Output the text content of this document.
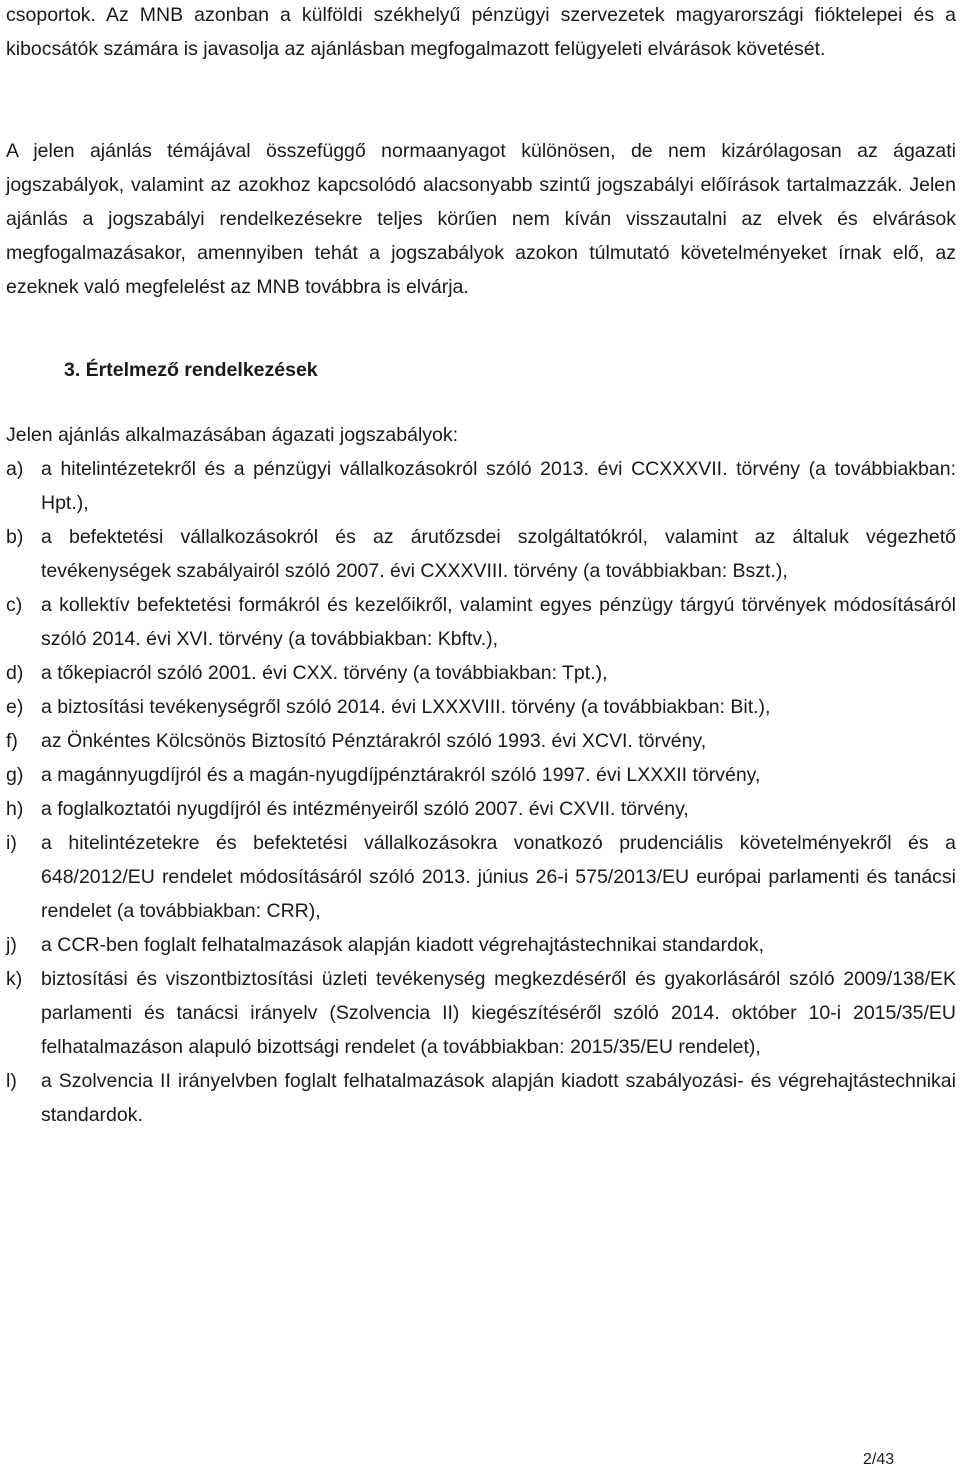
csoportok. Az MNB azonban a külföldi székhelyű pénzügyi szervezetek magyarországi fióktelepei és a kibocsátók számára is javasolja az ajánlásban megfogalmazott felügyeleti elvárások követését.

A jelen ajánlás témájával összefüggő normaanyagot különösen, de nem kizárólagosan az ágazati jogszabályok, valamint az azokhoz kapcsolódó alacsonyabb szintű jogszabályi előírások tartalmazzák. Jelen ajánlás a jogszabályi rendelkezésekre teljes körűen nem kíván visszautalni az elvek és elvárások megfogalmazásakor, amennyiben tehát a jogszabályok azokon túlmutató követelményeket írnak elő, az ezeknek való megfelelést az MNB továbbra is elvárja.

3. Értelmező rendelkezések

Jelen ajánlás alkalmazásában ágazati jogszabályok:

a) a hitelintézetekről és a pénzügyi vállalkozásokról szóló 2013. évi CCXXXVII. törvény (a továbbiakban: Hpt.),
b) a befektetési vállalkozásokról és az árutőzsdei szolgáltatókról, valamint az általuk végezhető tevékenységek szabályairól szóló 2007. évi CXXXVIII. törvény (a továbbiakban: Bszt.),
c) a kollektív befektetési formákról és kezelőikről, valamint egyes pénzügy tárgyú törvények módosításáról szóló 2014. évi XVI. törvény (a továbbiakban: Kbftv.),
d) a tőkepiacról szóló 2001. évi CXX. törvény (a továbbiakban: Tpt.),
e) a biztosítási tevékenységről szóló 2014. évi LXXXVIII. törvény (a továbbiakban: Bit.),
f)	az Önkéntes Kölcsönös Biztosító Pénztárakról szóló 1993. évi XCVI. törvény,
g) a magánnyugdíjról és a magán-nyugdíjpénztárakról szóló 1997. évi LXXXII törvény,
h) a foglalkoztatói nyugdíjról és intézményeiről szóló 2007. évi CXVII. törvény,
i)	a hitelintézetekre és befektetési vállalkozásokra vonatkozó prudenciális követelményekről és a 648/2012/EU rendelet módosításáról szóló 2013. június 26-i 575/2013/EU európai parlamenti és tanácsi rendelet (a továbbiakban: CRR),
j)	a CCR-ben foglalt felhatalmazások alapján kiadott végrehajtástechnikai standardok,
k) biztosítási és viszontbiztosítási üzleti tevékenység megkezdéséről és gyakorlásáról szóló 2009/138/EK parlamenti és tanácsi irányelv (Szolvencia II) kiegészítéséről szóló 2014. október 10-i 2015/35/EU felhatalmazáson alapuló bizottsági rendelet (a továbbiakban: 2015/35/EU rendelet),
l)	a Szolvencia II irányelvben foglalt felhatalmazások alapján kiadott szabályozási- és végrehajtástechnikai standardok.
2/43
